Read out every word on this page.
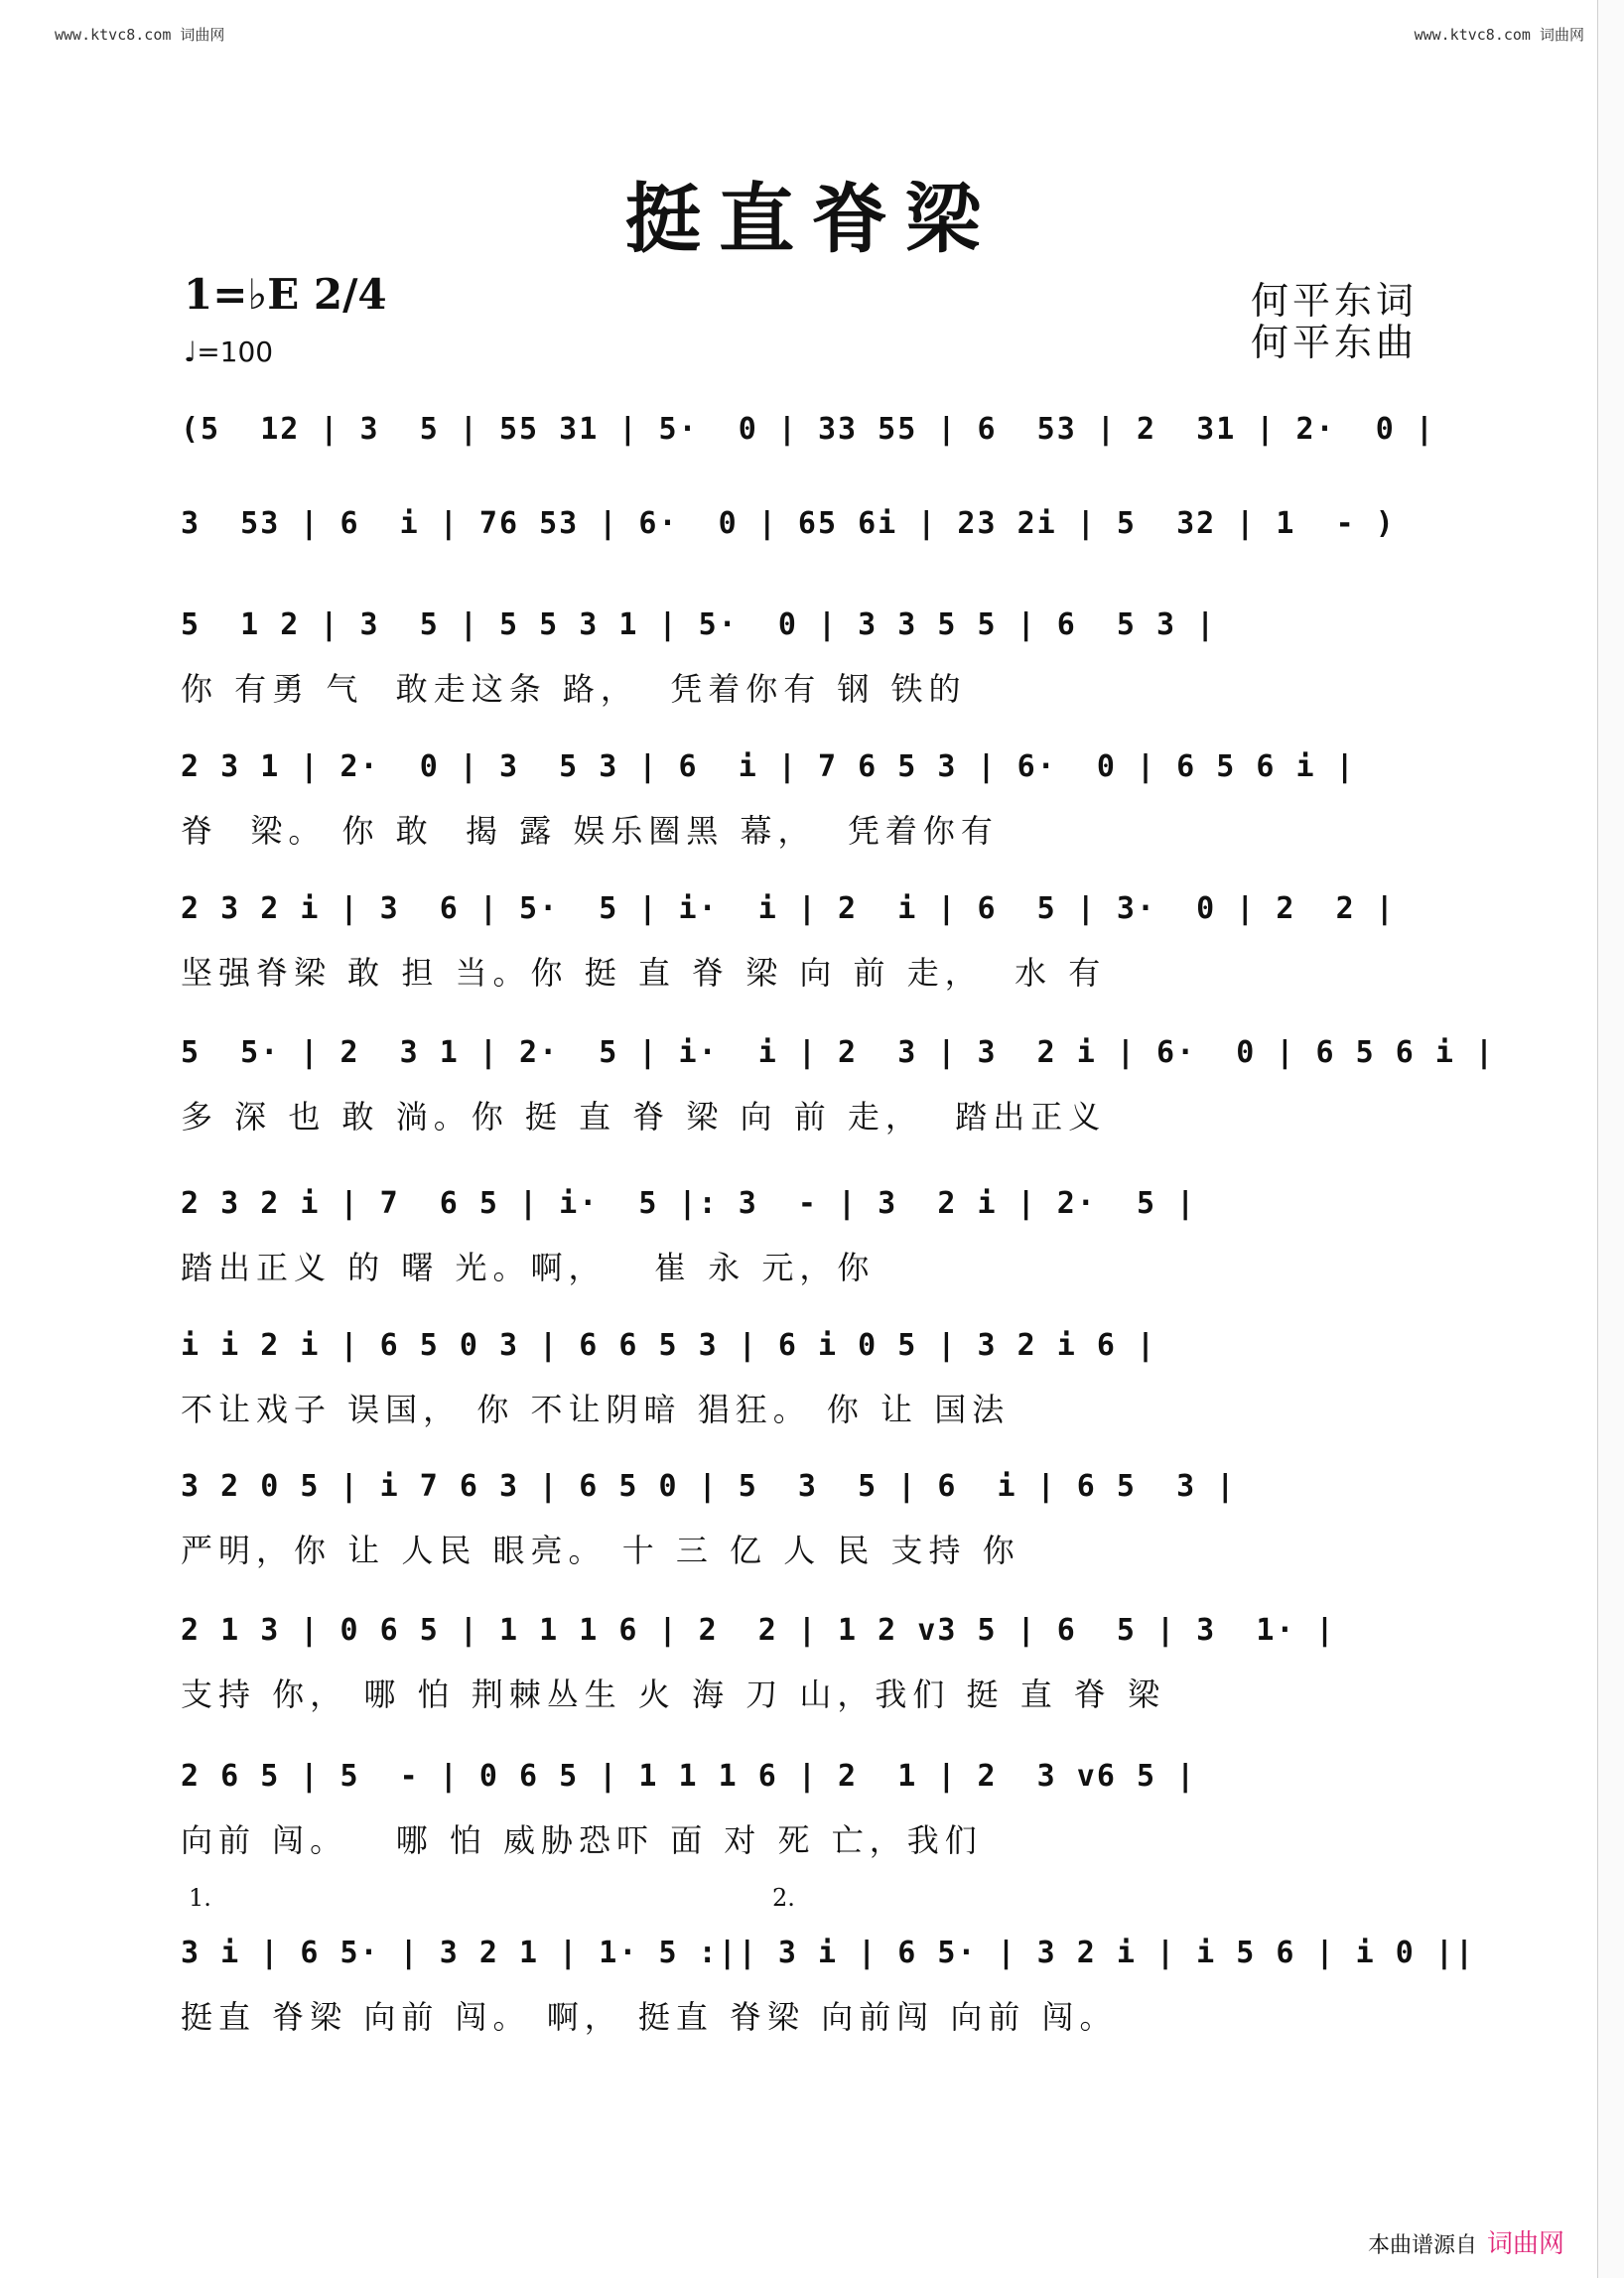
www.ktvc8.com 词曲网	www.ktvc8.com 词曲网
挺直脊梁
1=♭E 2/4
♩=100
何平东词
何平东曲
(5  12 | 3  5 | 55 31 | 5·  0 | 33 55 | 6  53 | 2  31 | 2·  0 |
3  53 | 6  i | 76 53 | 6·  0 | 65 6i | 23 2i | 5  32 | 1  - )
5  1 2 | 3  5 | 5 5 3 1 | 5·  0 | 3 3 5 5 | 6  5 3 |
你 有勇 气  敢走这条 路，  凭着你有 钢 铁的
2 3 1 | 2·  0 | 3  5 3 | 6  i | 7 6 5 3 | 6·  0 | 6 5 6 i |
脊  梁。 你 敢  揭 露 娱乐圈黑 幕，  凭着你有
2 3 2 i | 3  6 | 5·  5 | i·  i | 2  i | 6  5 | 3·  0 | 2  2 |
坚强脊梁 敢 担 当。你 挺 直 脊 梁 向 前 走，  水 有
5  5· | 2  3 1 | 2·  5 | i·  i | 2  3 | 3  2 i | 6·  0 | 6 5 6 i |
多 深 也 敢 淌。你 挺 直 脊 梁 向 前 走，  踏出正义
2 3 2 i | 7  6 5 | i·  5 |: 3  - | 3  2 i | 2·  5 |
踏出正义 的 曙 光。啊，   崔 永 元，你
i i 2 i | 6 5 0 3 | 6 6 5 3 | 6 i 0 5 | 3 2 i 6 |
不让戏子 误国， 你 不让阴暗 猖狂。 你 让 国法
3 2 0 5 | i 7 6 3 | 6 5 0 | 5  3  5 | 6  i | 6 5  3 |
严明，你 让 人民 眼亮。 十 三 亿 人 民 支持 你
2 1 3 | 0 6 5 | 1 1 1 6 | 2  2 | 1 2 v3 5 | 6  5 | 3  1· |
支持 你， 哪 怕 荆棘丛生 火 海 刀 山，我们 挺 直 脊 梁
2 6 5 | 5  - | 0 6 5 | 1 1 1 6 | 2  1 | 2  3 v6 5 |
向前 闯。   哪 怕 威胁恐吓 面 对 死 亡，我们
1.	2.
3 i | 6 5· | 3 2 1 | 1· 5 :|| 3 i | 6 5· | 3 2 i | i 5 6 | i 0 ||
挺直 脊梁 向前 闯。 啊， 挺直 脊梁 向前闯 向前 闯。
本曲谱源自 词曲网
